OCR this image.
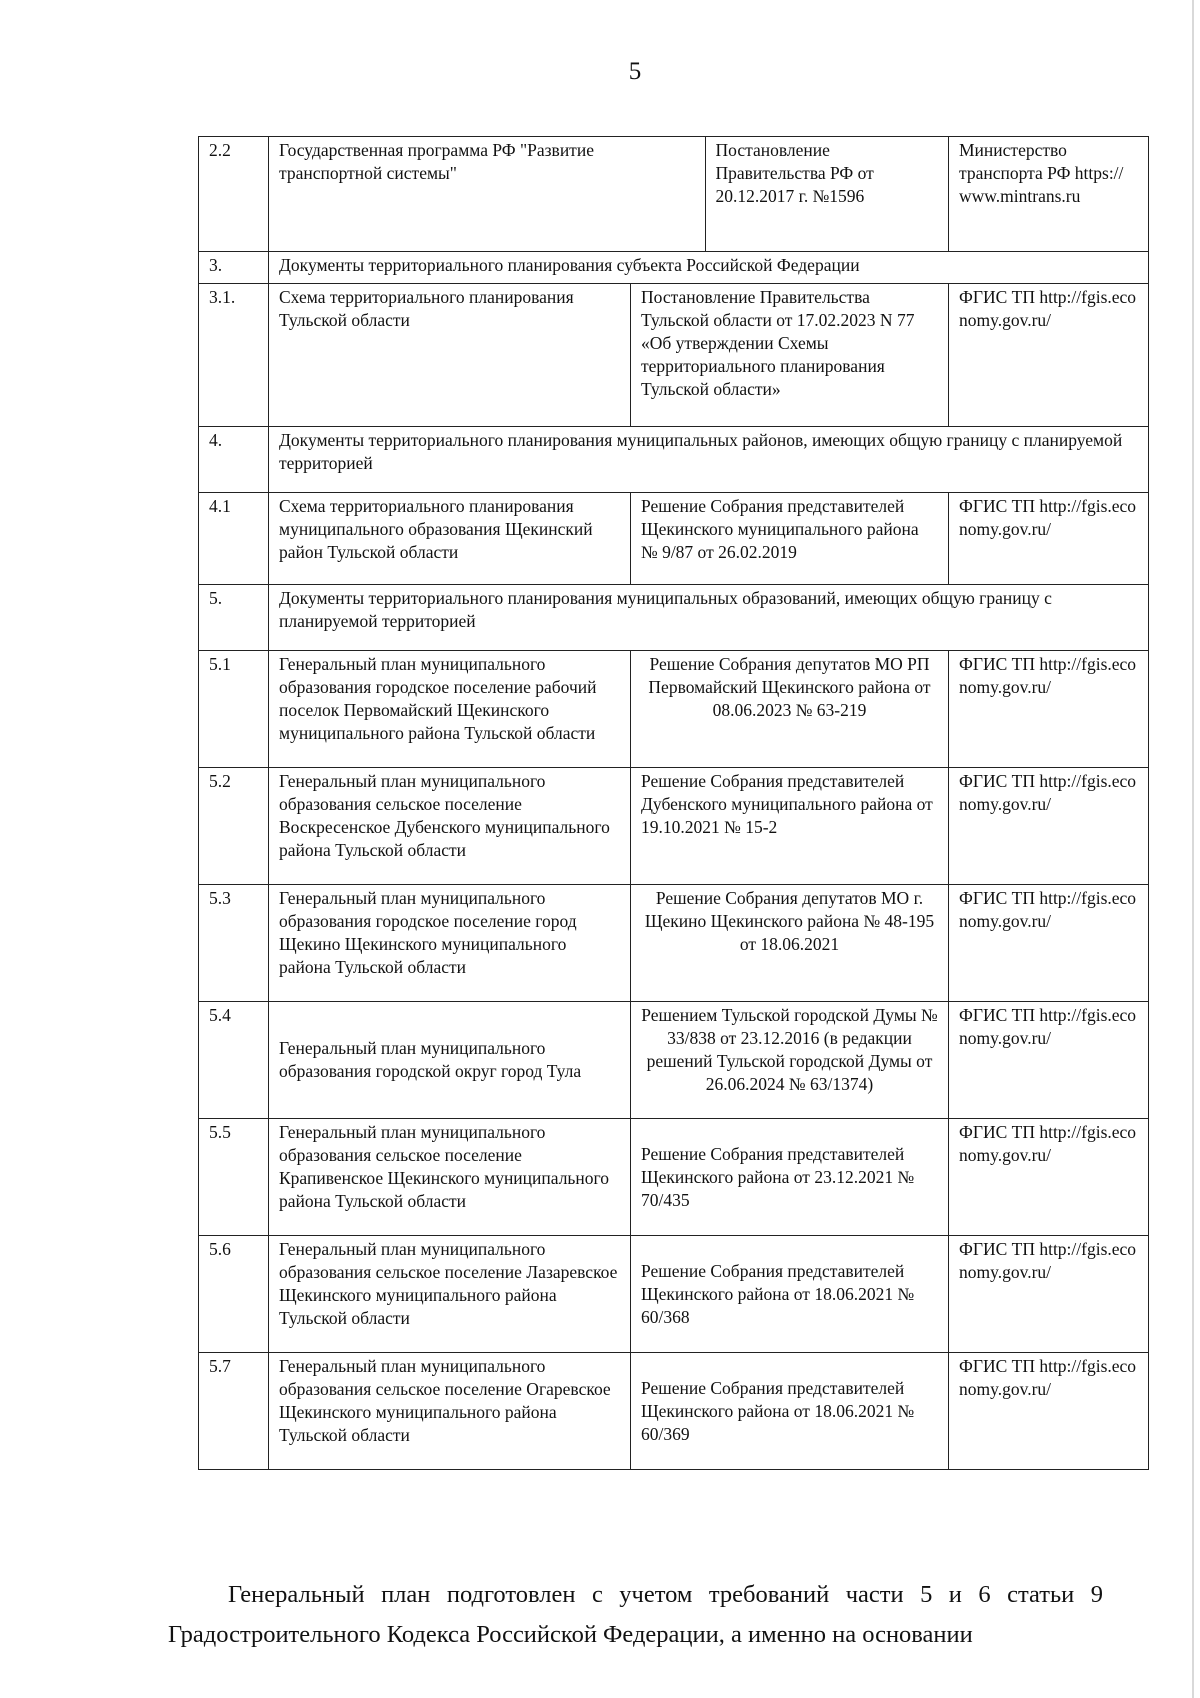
5
2.2	Государственная программа РФ "Развитие транспортной системы"	Постановление Правительства РФ от 20.12.2017 г. №1596	Министерство транспорта РФ https:// www.mintrans.ru
3.	Документы территориального планирования субъекта Российской Федерации		
3.1.	Схема территориального планирования Тульской области	Постановление Правительства Тульской области от 17.02.2023 N 77 «Об утверждении Схемы территориального планирования Тульской области»	ФГИС ТП http://fgis.economy.gov.ru/
4.	Документы территориального планирования муниципальных районов, имеющих общую границу с планируемой территорией		
4.1	Схема территориального планирования муниципального образования Щекинский район Тульской области	Решение Собрания представителей Щекинского муниципального района № 9/87 от 26.02.2019	ФГИС ТП http://fgis.economy.gov.ru/
5.	Документы территориального планирования муниципальных образований, имеющих общую границу с планируемой территорией		
5.1	Генеральный план муниципального образования городское поселение рабочий поселок Первомайский Щекинского муниципального района Тульской области	Решение Собрания депутатов МО РП Первомайский Щекинского района от 08.06.2023 № 63-219	ФГИС ТП http://fgis.economy.gov.ru/
5.2	Генеральный план муниципального образования сельское поселение Воскресенское Дубенского муниципального района Тульской области	Решение Собрания представителей Дубенского муниципального района от 19.10.2021 № 15-2	ФГИС ТП http://fgis.economy.gov.ru/
5.3	Генеральный план муниципального образования городское поселение город Щекино Щекинского муниципального района Тульской области	Решение Собрания депутатов МО г. Щекино Щекинского района № 48-195 от 18.06.2021	ФГИС ТП http://fgis.economy.gov.ru/
5.4	Генеральный план муниципального образования городской округ город Тула	Решением Тульской городской Думы № 33/838 от 23.12.2016 (в редакции решений Тульской городской Думы от 26.06.2024 № 63/1374)	ФГИС ТП http://fgis.economy.gov.ru/
5.5	Генеральный план муниципального образования сельское поселение Крапивенское Щекинского муниципального района Тульской области	Решение Собрания представителей Щекинского района от 23.12.2021 № 70/435	ФГИС ТП http://fgis.economy.gov.ru/
5.6	Генеральный план муниципального образования сельское поселение Лазаревское Щекинского муниципального района Тульской области	Решение Собрания представителей Щекинского района от 18.06.2021 № 60/368	ФГИС ТП http://fgis.economy.gov.ru/
5.7	Генеральный план муниципального образования сельское поселение Огаревское Щекинского муниципального района Тульской области	Решение Собрания представителей Щекинского района от 18.06.2021 № 60/369	ФГИС ТП http://fgis.economy.gov.ru/
Генеральный план подготовлен с учетом требований части 5 и 6 статьи 9 Градостроительного Кодекса Российской Федерации, а именно на основании
